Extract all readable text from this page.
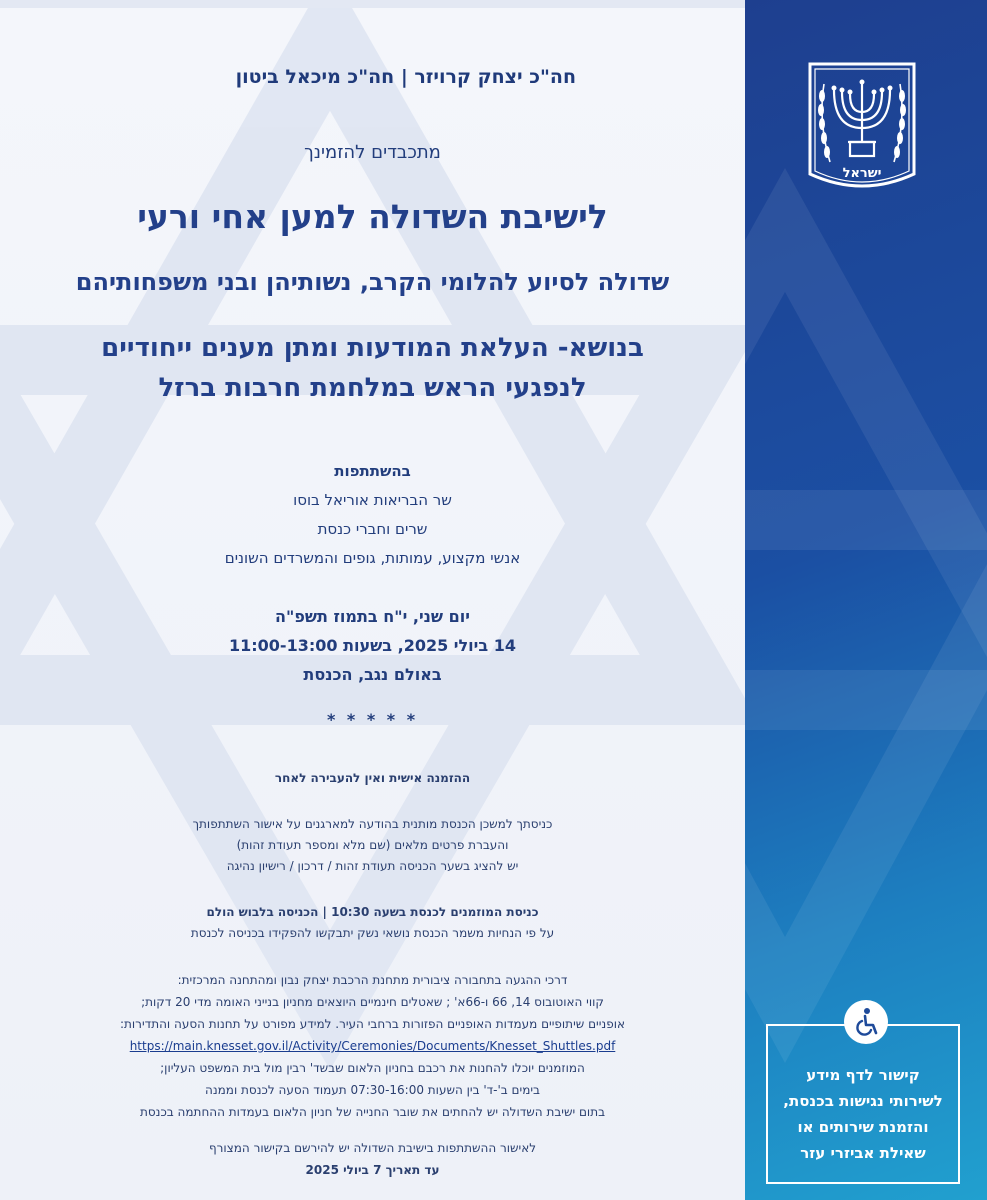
ישראל
חה"כ יצחק קרויזר | חה"כ מיכאל ביטון
מתכבדים להזמינך
לישיבת השדולה למען אחי ורעי
שדולה לסיוע להלומי הקרב, נשותיהן ובני משפחותיהם
בנושא- העלאת המודעות ומתן מענים ייחודיים
לנפגעי הראש במלחמת חרבות ברזל
בהשתתפות
שר הבריאות אוריאל בוסו
שרים וחברי כנסת
אנשי מקצוע, עמותות, גופים והמשרדים השונים
יום שני, י"ח בתמוז תשפ"ה
14 ביולי 2025, בשעות 11:00-13:00
באולם נגב, הכנסת
* * * * *
ההזמנה אישית ואין להעבירה לאחר
כניסתך למשכן הכנסת מותנית בהודעה למארגנים על אישור השתתפותך
והעברת פרטים מלאים (שם מלא ומספר תעודת זהות)
יש להציג בשער הכניסה תעודת זהות / דרכון / רישיון נהיגה
כניסת המוזמנים לכנסת בשעה 10:30 | הכניסה בלבוש הולם
על פי הנחיות משמר הכנסת נושאי נשק יתבקשו להפקידו בכניסה לכנסת
דרכי ההגעה בתחבורה ציבורית מתחנת הרכבת יצחק נבון ומהתחנה המרכזית:
קווי האוטובוס 14, 66 ו-66א' ; שאטלים חינמיים היוצאים מחניון בנייני האומה מדי 20 דקות;
אופניים שיתופיים מעמדות האופניים הפזורות ברחבי העיר. למידע מפורט על תחנות הסעה והתדירות:
https://main.knesset.gov.il/Activity/Ceremonies/Documents/Knesset_Shuttles.pdf
המוזמנים יוכלו להחנות את רכבם בחניון הלאום שבשד' רבין מול בית המשפט העליון;
בימים ב'-ד' בין השעות 07:30-16:00 תעמוד הסעה לכנסת וממנה
בתום ישיבת השדולה יש להחתים את שובר החנייה של חניון הלאום בעמדות ההחתמה בכנסת
לאישור ההשתתפות בישיבת השדולה יש להירשם בקישור המצורף
עד תאריך 7 ביולי 2025
קישור לדף מידע
לשירותי נגישות בכנסת,
והזמנת שירותים או
שאילת אביזרי עזר
